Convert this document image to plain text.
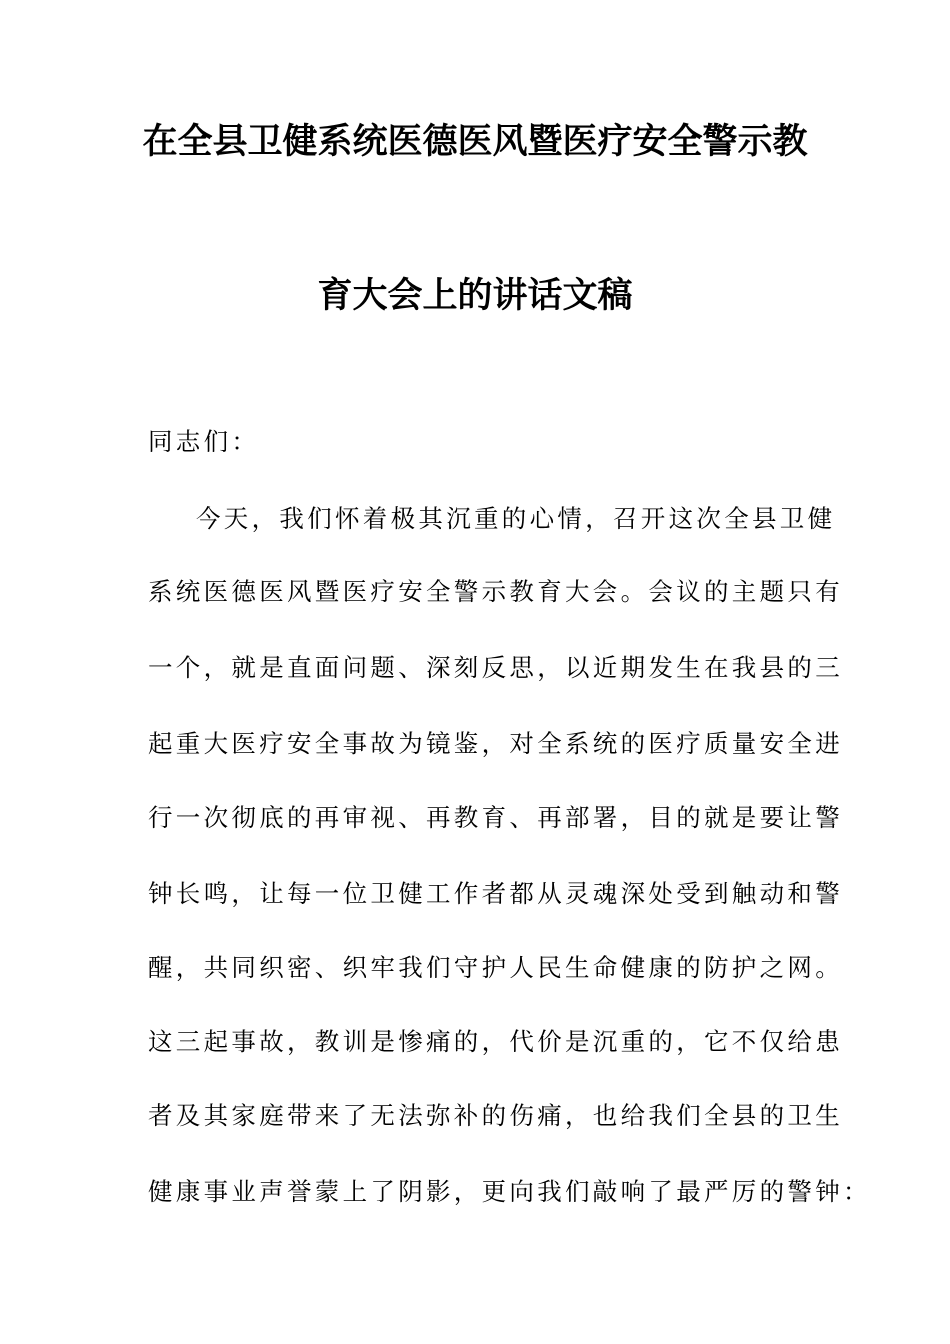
在全县卫健系统医德医风暨医疗安全警示教
育大会上的讲话文稿
同志们：
今天，我们怀着极其沉重的心情，召开这次全县卫健
系统医德医风暨医疗安全警示教育大会。会议的主题只有
一个，就是直面问题、深刻反思，以近期发生在我县的三
起重大医疗安全事故为镜鉴，对全系统的医疗质量安全进
行一次彻底的再审视、再教育、再部署，目的就是要让警
钟长鸣，让每一位卫健工作者都从灵魂深处受到触动和警
醒，共同织密、织牢我们守护人民生命健康的防护之网。
这三起事故，教训是惨痛的，代价是沉重的，它不仅给患
者及其家庭带来了无法弥补的伤痛，也给我们全县的卫生
健康事业声誉蒙上了阴影，更向我们敲响了最严厉的警钟：
